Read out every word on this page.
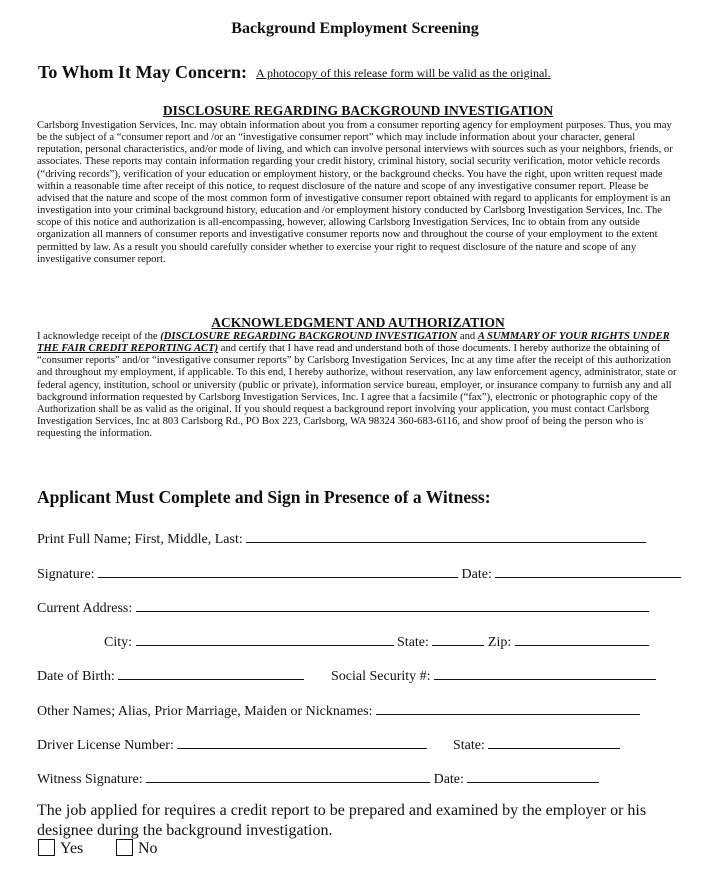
Background Employment Screening
To Whom It May Concern: A photocopy of this release form will be valid as the original.
DISCLOSURE REGARDING BACKGROUND INVESTIGATION
Carlsborg Investigation Services, Inc. may obtain information about you from a consumer reporting agency for employment purposes. Thus, you may be the subject of a “consumer report and /or an “investigative consumer report” which may include information about your character, general reputation, personal characteristics, and/or mode of living, and which can involve personal interviews with sources such as your neighbors, friends, or associates. These reports may contain information regarding your credit history, criminal history, social security verification, motor vehicle records (“driving records”), verification of your education or employment history, or the background checks. You have the right, upon written request made within a reasonable time after receipt of this notice, to request disclosure of the nature and scope of any investigative consumer report. Please be advised that the nature and scope of the most common form of investigative consumer report obtained with regard to applicants for employment is an investigation into your criminal background history, education and /or employment history conducted by Carlsborg Investigation Services, Inc. The scope of this notice and authorization is all-encompassing, however, allowing Carlsborg Investigation Services, Inc to obtain from any outside organization all manners of consumer reports and investigative consumer reports now and throughout the course of your employment to the extent permitted by law. As a result you should carefully consider whether to exercise your right to request disclosure of the nature and scope of any investigative consumer report.
ACKNOWLEDGMENT AND AUTHORIZATION
I acknowledge receipt of the (DISCLOSURE REGARDING BACKGROUND INVESTIGATION and A SUMMARY OF YOUR RIGHTS UNDER THE FAIR CREDIT REPORTING ACT) and certify that I have read and understand both of those documents. I hereby authorize the obtaining of “consumer reports” and/or “investigative consumer reports” by Carlsborg Investigation Services, Inc at any time after the receipt of this authorization and throughout my employment, if applicable. To this end, I hereby authorize, without reservation, any law enforcement agency, administrator, state or federal agency, institution, school or university (public or private), information service bureau, employer, or insurance company to furnish any and all background information requested by Carlsborg Investigation Services, Inc. I agree that a facsimile (“fax”), electronic or photographic copy of the Authorization shall be as valid as the original. If you should request a background report involving your application, you must contact Carlsborg Investigation Services, Inc at 803 Carlsborg Rd., PO Box 223, Carlsborg, WA 98324 360-683-6116, and show proof of being the person who is requesting the information.
Applicant Must Complete and Sign in Presence of a Witness:
Print Full Name; First, Middle, Last:
Signature:	Date:
Current Address:
City:	State:	Zip:
Date of Birth:	Social Security #:
Other Names; Alias, Prior Marriage, Maiden or Nicknames:
Driver License Number:	State:
Witness Signature:	Date:
The job applied for requires a credit report to be prepared and examined by the employer or his designee during the background investigation.
Yes	No
